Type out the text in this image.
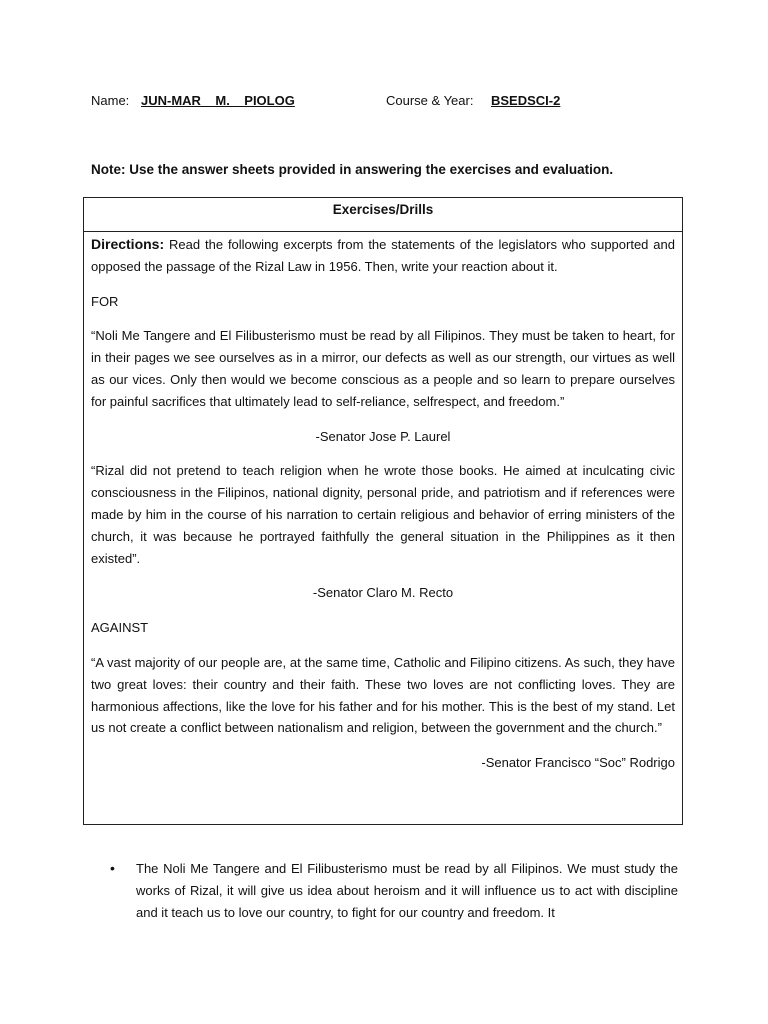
Name: JUN-MAR    M.    PIOLOG	Course & Year: BSEDSCI-2
Note: Use the answer sheets provided in answering the exercises and evaluation.
Exercises/Drills

Directions: Read the following excerpts from the statements of the legislators who supported and opposed the passage of the Rizal Law in 1956. Then, write your reaction about it.

FOR

“Noli Me Tangere and El Filibusterismo must be read by all Filipinos. They must be taken to heart, for in their pages we see ourselves as in a mirror, our defects as well as our strength, our virtues as well as our vices. Only then would we become conscious as a people and so learn to prepare ourselves for painful sacrifices that ultimately lead to self-reliance, selfrespect, and freedom.”

-Senator Jose P. Laurel

“Rizal did not pretend to teach religion when he wrote those books. He aimed at inculcating civic consciousness in the Filipinos, national dignity, personal pride, and patriotism and if references were made by him in the course of his narration to certain religious and behavior of erring ministers of the church, it was because he portrayed faithfully the general situation in the Philippines as it then existed”.

-Senator Claro M. Recto

AGAINST

“A vast majority of our people are, at the same time, Catholic and Filipino citizens. As such, they have two great loves: their country and their faith. These two loves are not conflicting loves. They are harmonious affections, like the love for his father and for his mother. This is the best of my stand. Let us not create a conflict between nationalism and religion, between the government and the church.”

-Senator Francisco “Soc” Rodrigo

• The Noli Me Tangere and El Filibusterismo must be read by all Filipinos. We must study the works of Rizal, it will give us idea about heroism and it will influence us to act with discipline and it teach us to love our country, to fight for our country and freedom. It
